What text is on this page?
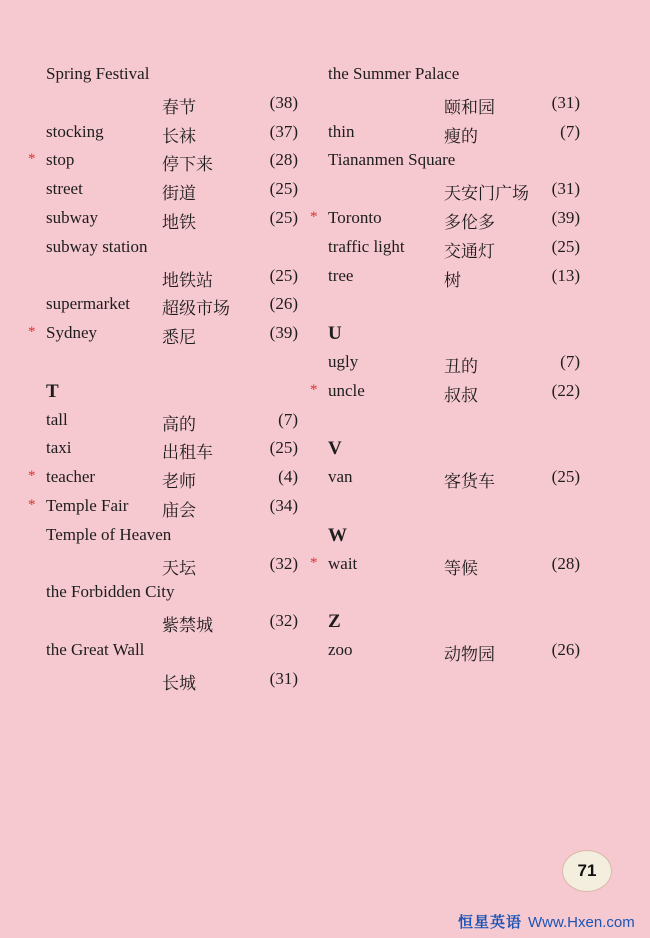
Spring Festival
春节	(38)
stocking	长袜	(37)
* stop	停下来	(28)
street	街道	(25)
subway	地铁	(25)
subway station
地铁站	(25)
supermarket 超级市场 (26)
* Sydney	悉尼	(39)
T
tall	高的	(7)
taxi	出租车	(25)
* teacher	老师	(4)
* Temple Fair 庙会	(34)
Temple of Heaven
天坛	(32)
the Forbidden City
紫禁城	(32)
the Great Wall
长城	(31)
the Summer Palace
颐和园	(31)
thin	瘦的	(7)
Tiananmen Square
天安门广场 (31)
* Toronto	多伦多	(39)
traffic light 交通灯	(25)
tree	树	(13)
U
ugly	丑的	(7)
* uncle	叔叔	(22)
V
van	客货车	(25)
W
* wait	等候	(28)
Z
zoo	动物园	(26)
71
恒星英语 Www.Hxen.com
